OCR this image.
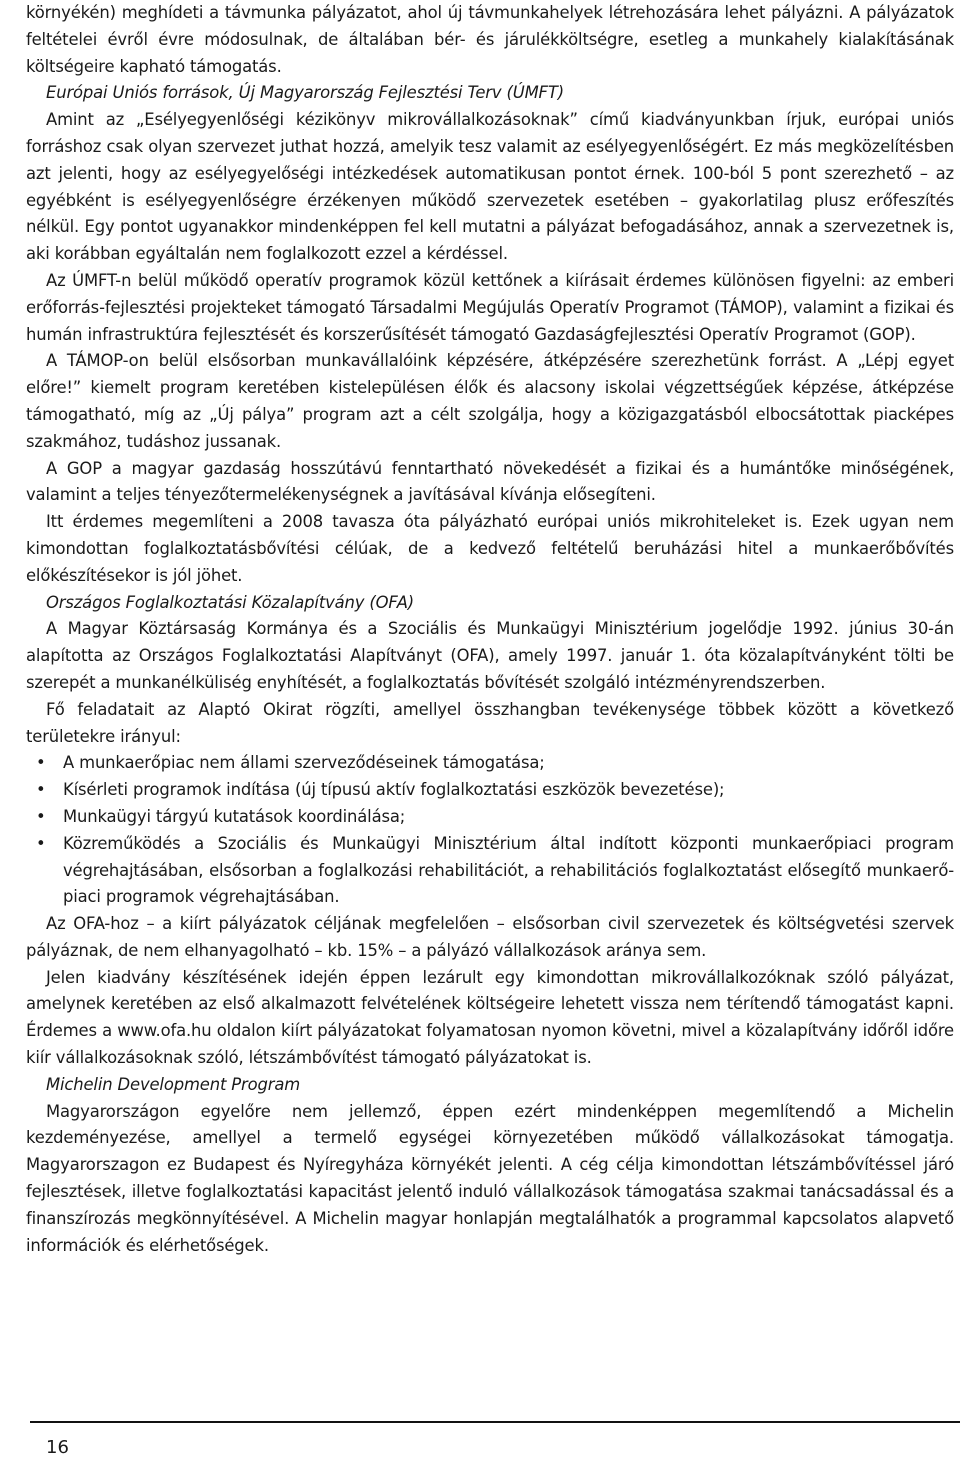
környékén) meghídeti a távmunka pályázatot, ahol új távmunkahelyek létrehozására lehet pályázni. A pályázatok feltételei évről évre módosulnak, de általában bér- és járulékköltségre, esetleg a munkahely kialakításának költségeire kapható támogatás.

Európai Uniós források, Új Magyarország Fejlesztési Terv (ÚMFT)

Amint az „Esélyegyenlőségi kézikönyv mikrovállalkozásoknak” című kiadványunkban írjuk, európai uniós forráshoz csak olyan szervezet juthat hozzá, amelyik tesz valamit az esélyegyenlőségért. Ez más megközelítésben azt jelenti, hogy az esélyegyelőségi intézkedések automatikusan pontot érnek. 100-ból 5 pont szerezhető – az egyébként is esélyegyenlőségre érzékenyen működő szervezetek esetében – gyakorlatilag plusz erőfeszítés nélkül. Egy pontot ugyanakkor mindenképpen fel kell mutatni a pályázat befogadásához, annak a szervezetnek is, aki korábban egyáltalán nem foglalkozott ezzel a kérdéssel.

Az ÚMFT-n belül működő operatív programok közül kettőnek a kiírásait érdemes különösen figyelni: az emberi erőforrás-fejlesztési projekteket támogató Társadalmi Megújulás Operatív Programot (TÁMOP), valamint a fizikai és humán infrastruktúra fejlesztését és korszerűsítését támogató Gazdaságfejlesztési Operatív Programot (GOP).

A TÁMOP-on belül elsősorban munkavállalóink képzésére, átképzésére szerezhetünk forrást. A „Lépj egyet előre!” kiemelt program keretében kistelepülésen élők és alacsony iskolai végzettségűek képzése, átképzése támogatható, míg az „Új pálya” program azt a célt szolgálja, hogy a közigazgatásból elbocsátottak piacképes szakmához, tudáshoz jussanak.

A GOP a magyar gazdaság hosszútávú fenntartható növekedését a fizikai és a humántőke minőségének, valamint a teljes tényezőtermelékenységnek a javításával kívánja elősegíteni.

Itt érdemes megemlíteni a 2008 tavasza óta pályázható európai uniós mikrohiteleket is. Ezek ugyan nem kimondottan foglalkoztatásbővítési célúak, de a kedvező feltételű beruházási hitel a munkaerőbővítés előkészítésekor is jól jöhet.

Országos Foglalkoztatási Közalapítvány (OFA)

A Magyar Köztársaság Kormánya és a Szociális és Munkaügyi Minisztérium jogelődje 1992. június 30-án alapította az Országos Foglalkoztatási Alapítványt (OFA), amely 1997. január 1. óta közalapítványként tölti be szerepét a munkanélküliség enyhítését, a foglalkoztatás bővítését szolgáló intézményrendszerben.

Fő feladatait az Alaptó Okirat rögzíti, amellyel összhangban tevékenysége többek között a következő területekre irányul:

• A munkaerőpiac nem állami szerveződéseinek támogatása;
• Kísérleti programok indítása (új típusú aktív foglalkoztatási eszközök bevezetése);
• Munkaügyi tárgyú kutatások koordinálása;
• Közreműködés a Szociális és Munkaügyi Minisztérium által indított központi munkaerőpiaci program végrehajtásában, elsősorban a foglalkozási rehabilitációt, a rehabilitációs foglalkoztatást elősegítő munkaerő-piaci programok végrehajtásában.

Az OFA-hoz – a kiírt pályázatok céljának megfelelően – elsősorban civil szervezetek és költségvetési szervek pályáznak, de nem elhanyagolható – kb. 15% – a pályázó vállalkozások aránya sem.

Jelen kiadvány készítésének idején éppen lezárult egy kimondottan mikrovállalkozóknak szóló pályázat, amelynek keretében az első alkalmazott felvételének költségeire lehetett vissza nem térítendő támogatást kapni. Érdemes a www.ofa.hu oldalon kiírt pályázatokat folyamatosan nyomon követni, mivel a közalapítvány időről időre kiír vállalkozásoknak szóló, létszámbővítést támogató pályázatokat is.

Michelin Development Program

Magyarországon egyelőre nem jellemző, éppen ezért mindenképpen megemlítendő a Michelin kezdeményezése, amellyel a termelő egységei környezetében működő vállalkozásokat támogatja. Magyarorszagon ez Budapest és Nyíregyháza környékét jelenti. A cég célja kimondottan létszámbővítéssel járó fejlesztések, illetve foglalkoztatási kapacitást jelentő induló vállalkozások támogatása szakmai tanácsadással és a finanszírozás megkönnyítésével. A Michelin magyar honlapján megtalálhatók a programmal kapcsolatos alapvető információk és elérhetőségek.

16
